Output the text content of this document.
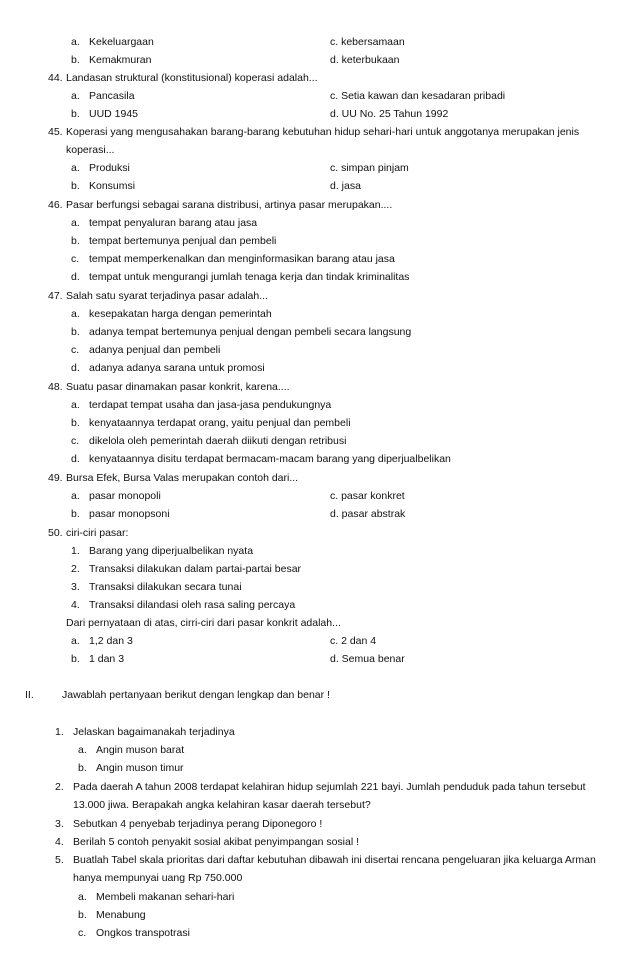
a. Kekeluargaan	c. kebersamaan
b. Kemakmuran	d. keterbukaan
44. Landasan struktural (konstitusional) koperasi adalah...
a. Pancasila	c. Setia kawan dan kesadaran pribadi
b. UUD 1945	d. UU No. 25 Tahun 1992
45. Koperasi yang mengusahakan barang-barang kebutuhan hidup sehari-hari untuk anggotanya merupakan jenis
koperasi...
a. Produksi	c. simpan pinjam
b. Konsumsi	d. jasa
46. Pasar berfungsi sebagai sarana distribusi, artinya pasar merupakan....
a. tempat penyaluran barang atau jasa
b. tempat bertemunya penjual dan pembeli
c. tempat memperkenalkan dan menginformasikan barang atau jasa
d. tempat untuk mengurangi jumlah tenaga kerja dan tindak kriminalitas
47. Salah satu syarat terjadinya pasar adalah...
a. kesepakatan harga dengan pemerintah
b. adanya tempat bertemunya penjual dengan pembeli secara langsung
c. adanya penjual dan pembeli
d. adanya adanya sarana untuk promosi
48. Suatu pasar dinamakan pasar konkrit, karena....
a. terdapat tempat usaha dan jasa-jasa pendukungnya
b. kenyataannya terdapat orang, yaitu penjual dan pembeli
c. dikelola oleh pemerintah daerah diikuti dengan retribusi
d. kenyataannya disitu terdapat bermacam-macam barang yang diperjualbelikan
49. Bursa Efek, Bursa Valas merupakan contoh dari...
a. pasar monopoli	c. pasar konkret
b. pasar monopsoni	d. pasar abstrak
50. ciri-ciri pasar:
1. Barang yang diperjualbelikan nyata
2. Transaksi dilakukan dalam partai-partai besar
3. Transaksi dilakukan secara tunai
4. Transaksi dilandasi oleh rasa saling percaya
Dari pernyataan di atas, cirri-ciri dari pasar konkrit adalah...
a. 1,2 dan 3	c. 2 dan 4
b. 1 dan 3	d. Semua benar
II.	Jawablah pertanyaan berikut dengan lengkap dan benar !
1. Jelaskan bagaimanakah terjadinya
a. Angin muson barat
b. Angin muson timur
2. Pada daerah A tahun 2008 terdapat kelahiran hidup sejumlah 221 bayi. Jumlah penduduk pada tahun tersebut
13.000 jiwa. Berapakah angka kelahiran kasar daerah tersebut?
3. Sebutkan 4 penyebab terjadinya perang Diponegoro !
4. Berilah 5 contoh penyakit sosial akibat penyimpangan sosial !
5. Buatlah Tabel skala prioritas dari daftar kebutuhan dibawah ini disertai rencana pengeluaran jika keluarga Arman
hanya mempunyai uang Rp 750.000
a. Membeli makanan sehari-hari
b. Menabung
c. Ongkos transpotrasi
